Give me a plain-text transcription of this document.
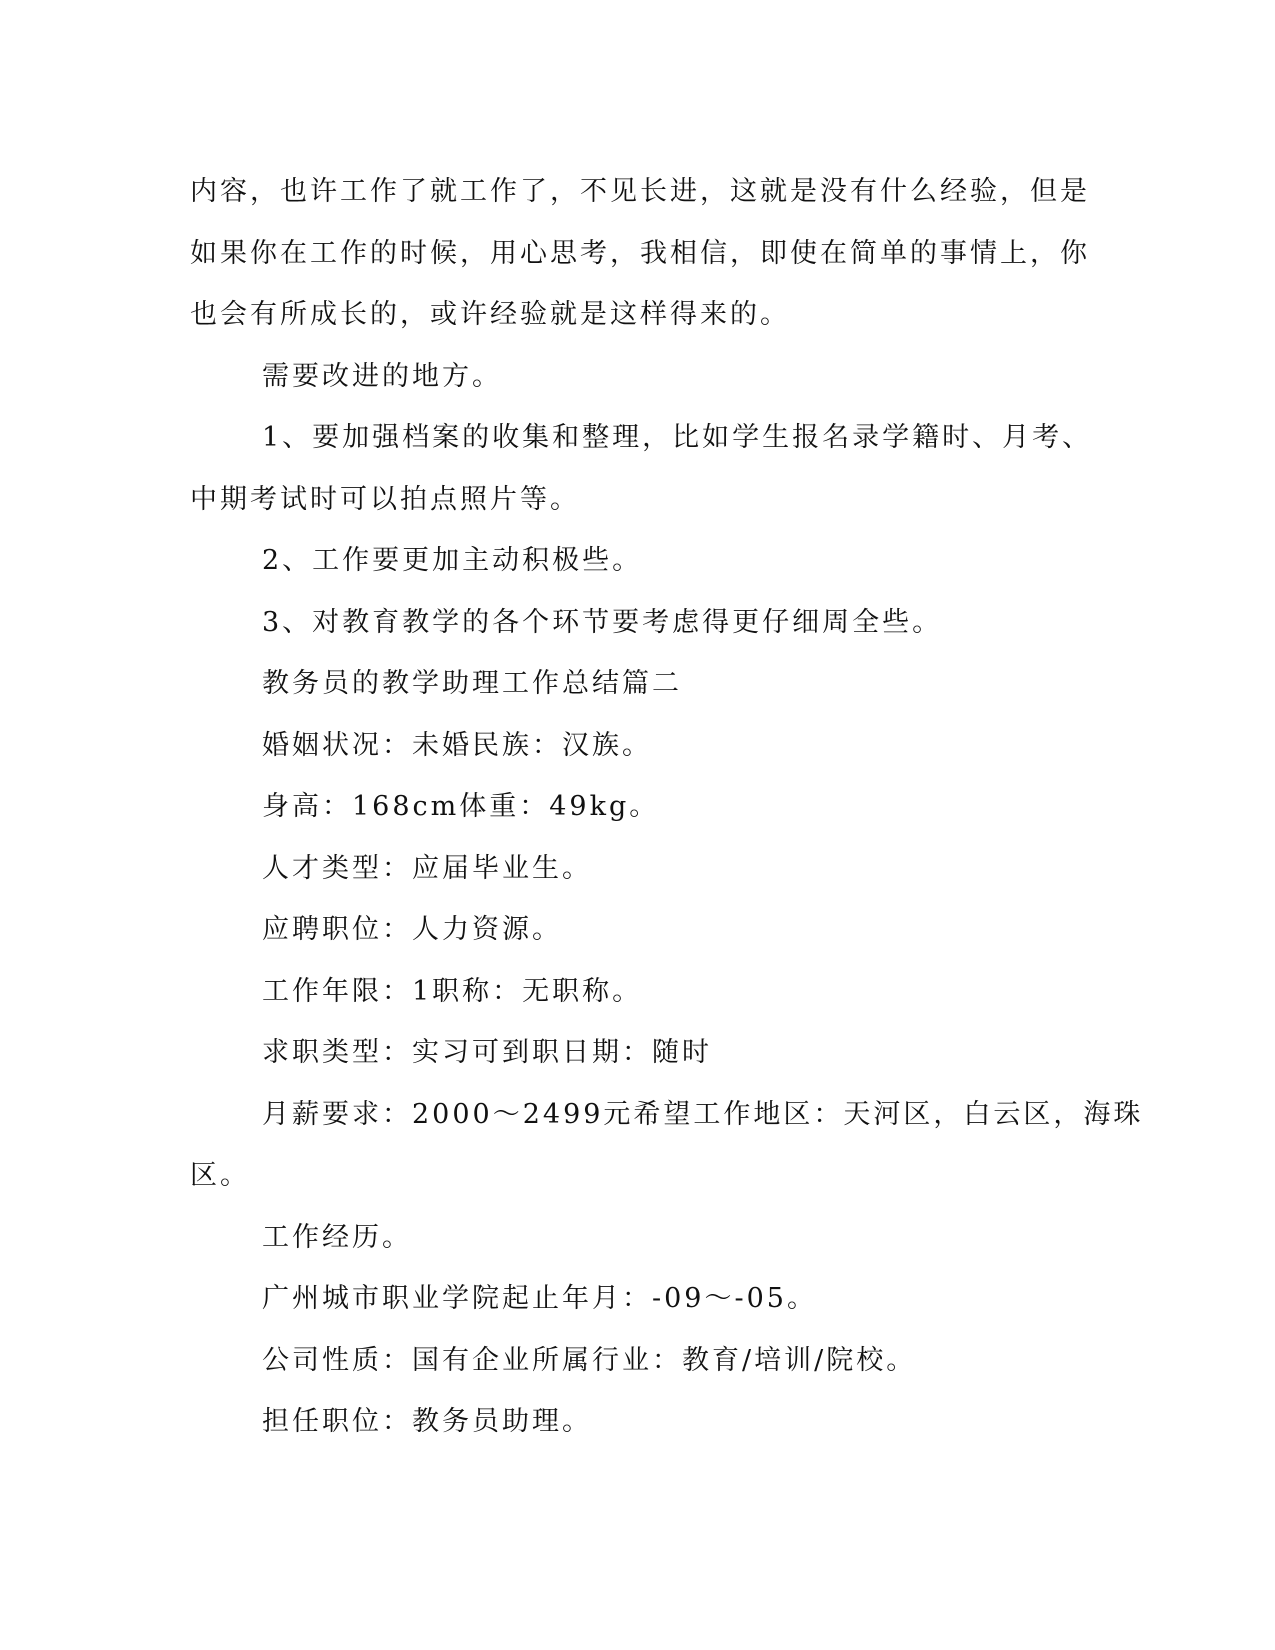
内容，也许工作了就工作了，不见长进，这就是没有什么经验，但是

如果你在工作的时候，用心思考，我相信，即使在简单的事情上，你

也会有所成长的，或许经验就是这样得来的。

需要改进的地方。

1、要加强档案的收集和整理，比如学生报名录学籍时、月考、

中期考试时可以拍点照片等。

2、工作要更加主动积极些。

3、对教育教学的各个环节要考虑得更仔细周全些。

教务员的教学助理工作总结篇二

婚姻状况：未婚民族：汉族。

身高：168cm体重：49kg。

人才类型：应届毕业生。

应聘职位：人力资源。

工作年限：1职称：无职称。

求职类型：实习可到职日期：随时

月薪要求：2000～2499元希望工作地区：天河区，白云区，海珠

区。

工作经历。

广州城市职业学院起止年月：-09～-05。

公司性质：国有企业所属行业：教育/培训/院校。

担任职位：教务员助理。
